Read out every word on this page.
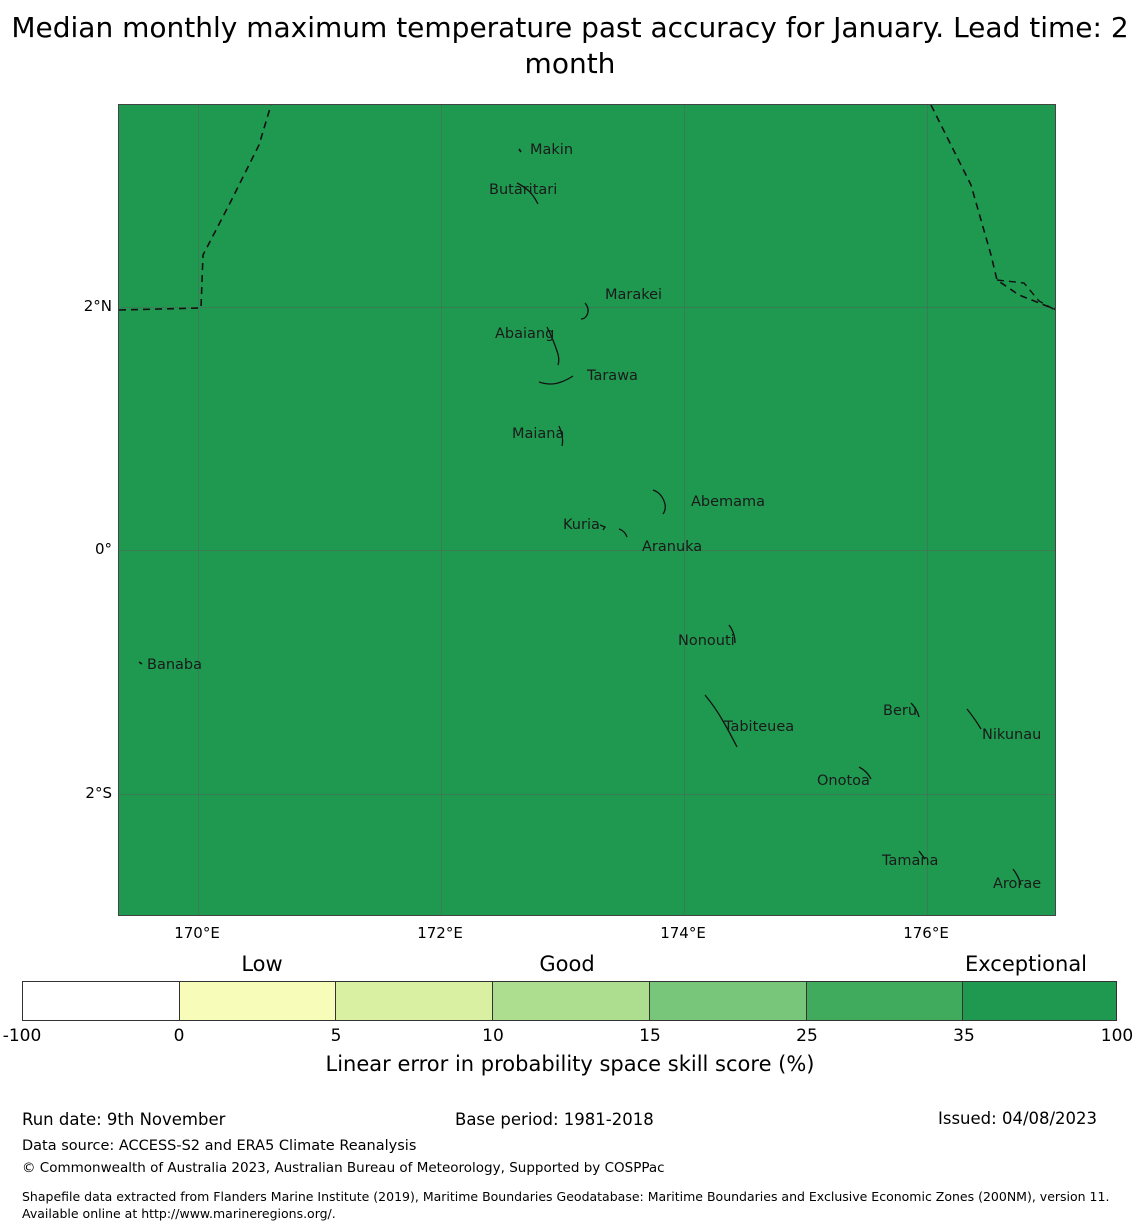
Median monthly maximum temperature past accuracy for January. Lead time: 2 month
Makin
Butaritari
Marakei
Abaiang
Tarawa
Maiana
Abemama
Kuria
Aranuka
Banaba
Nonouti
Tabiteuea
Beru
Nikunau
Onotoa
Tamana
Arorae
170°E	172°E	174°E	176°E
2°N
0°
2°S
Low	Good	Exceptional
-100	0	5	10	15	25	35	100
Linear error in probability space skill score (%)
Run date: 9th November	Base period: 1981-2018	Issued: 04/08/2023
Data source: ACCESS-S2 and ERA5 Climate Reanalysis
© Commonwealth of Australia 2023, Australian Bureau of Meteorology, Supported by COSPPac
Shapefile data extracted from Flanders Marine Institute (2019), Maritime Boundaries Geodatabase: Maritime Boundaries and Exclusive Economic Zones (200NM), version 11. Available online at http://www.marineregions.org/.
